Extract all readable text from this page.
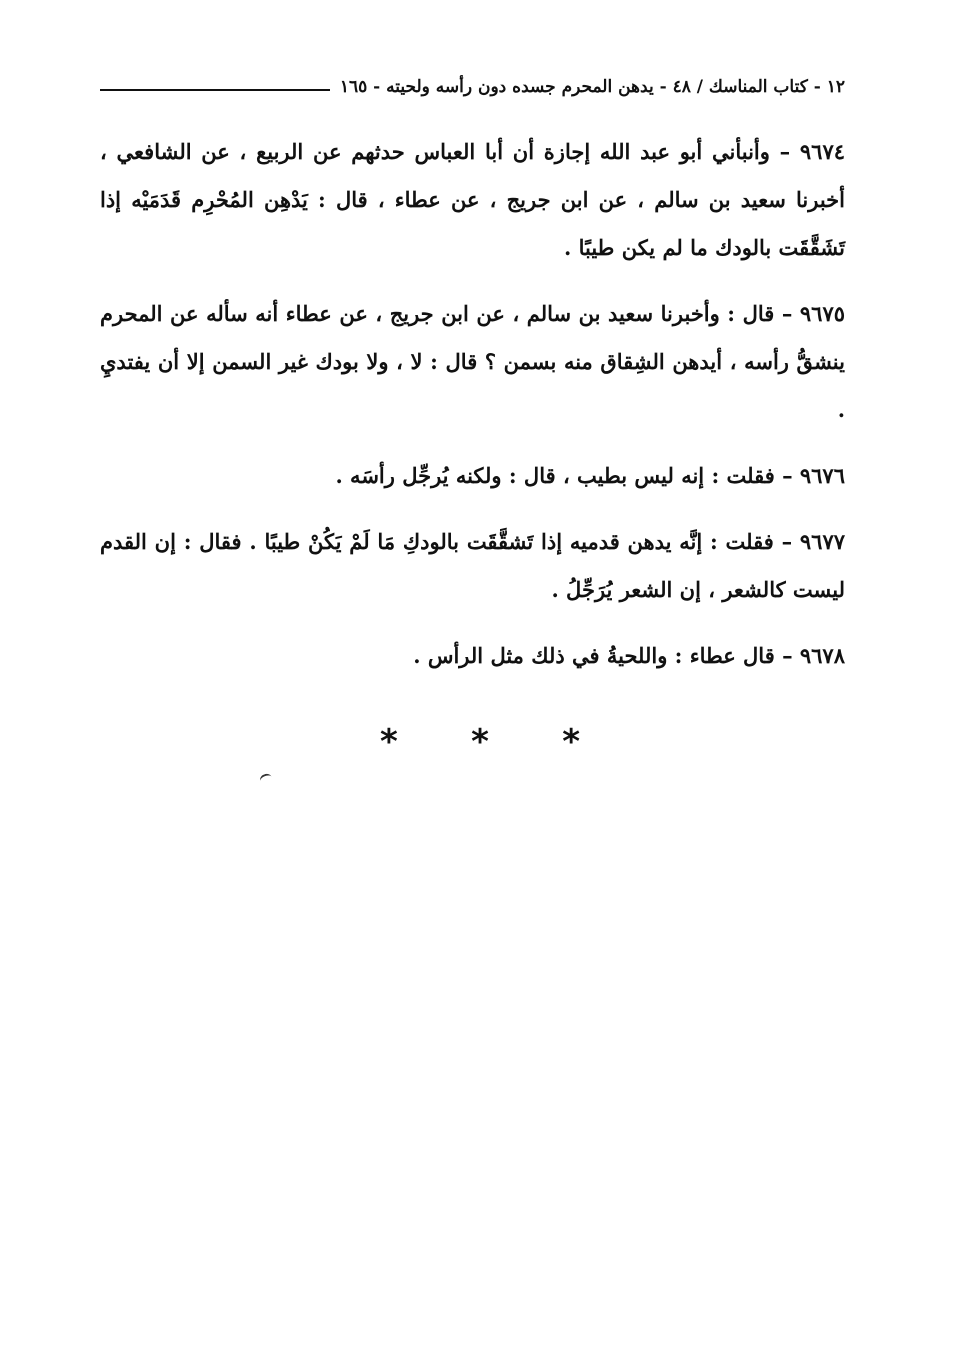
١٢ - كتاب المناسك / ٤٨ - يدهن المحرم جسده دون رأسه ولحيته - ١٦٥

٩٦٧٤ – وأنبأني أبو عبد الله إجازة أن أبا العباس حدثهم عن الربيع ، عن الشافعي ، أخبرنا سعيد بن سالم ، عن ابن جريج ، عن عطاء ، قال : يَدْهِن المُحْرِم قَدَمَيْه إذا تَشَقَّقَت بالودك ما لم يكن طيبًا .

٩٦٧٥ – قال : وأخبرنا سعيد بن سالم ، عن ابن جريج ، عن عطاء أنه سأله عن المحرم ينشقُّ رأسه ، أيدهن الشِقاق منه بسمن ؟ قال : لا ، ولا بودك غير السمن إلا أن يفتديِ .

٩٦٧٦ – فقلت : إنه ليس بطيب ، قال : ولكنه يُرجِّل رأسَه .

٩٦٧٧ – فقلت : إنَّه يدهن قدميه إذا تَشقَّقَت بالودكِ مَا لَمْ يَكُنْ طيبًا . فقال : إن القدم ليست كالشعر ، إن الشعر يُرَجِّلُ .

٩٦٧٨ – قال عطاء : واللحيةُ في ذلك مثل الرأس .

* * *
